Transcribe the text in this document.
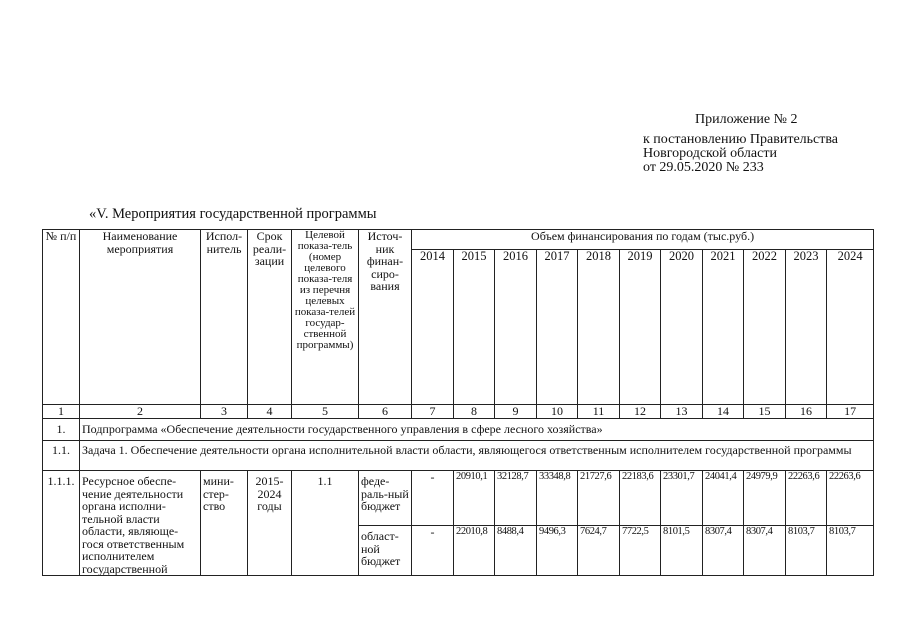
Приложение № 2
к постановлению Правительства
Новгородской области
от 29.05.2020 № 233
«V. Мероприятия государственной программы
№ п/п	Наименование мероприятия	Испол-нитель	Срок реали-зации	Целевой показа-тель (номер целевого показа-теля из перечня целевых показа-телей государ-ственной программы)	Источ-ник финан-сиро-вания	Объем финансирования по годам (тыс.руб.)										
						2014	2015	2016	2017	2018	2019	2020	2021	2022	2023	2024
1	2	3	4	5	6	7	8	9	10	11	12	13	14	15	16	17
1.	Подпрограмма «Обеспечение деятельности государственного управления в сфере лесного хозяйства»															
1.1.	Задача 1. Обеспечение деятельности органа исполнительной власти области, являющегося ответственным исполнителем государственной программы															
1.1.1.	Ресурсное обеспе-чение деятельности органа исполни-тельной власти области, являюще-гося ответственным исполнителем государственной	мини-стер-ство	2015-2024 годы	1.1	феде-раль-ный бюджет	-	20910,1	32128,7	33348,8	21727,6	22183,6	23301,7	24041,4	24979,9	22263,6	22263,6
					област-ной бюджет	-	22010,8	8488,4	9496,3	7624,7	7722,5	8101,5	8307,4	8307,4	8103,7	8103,7
